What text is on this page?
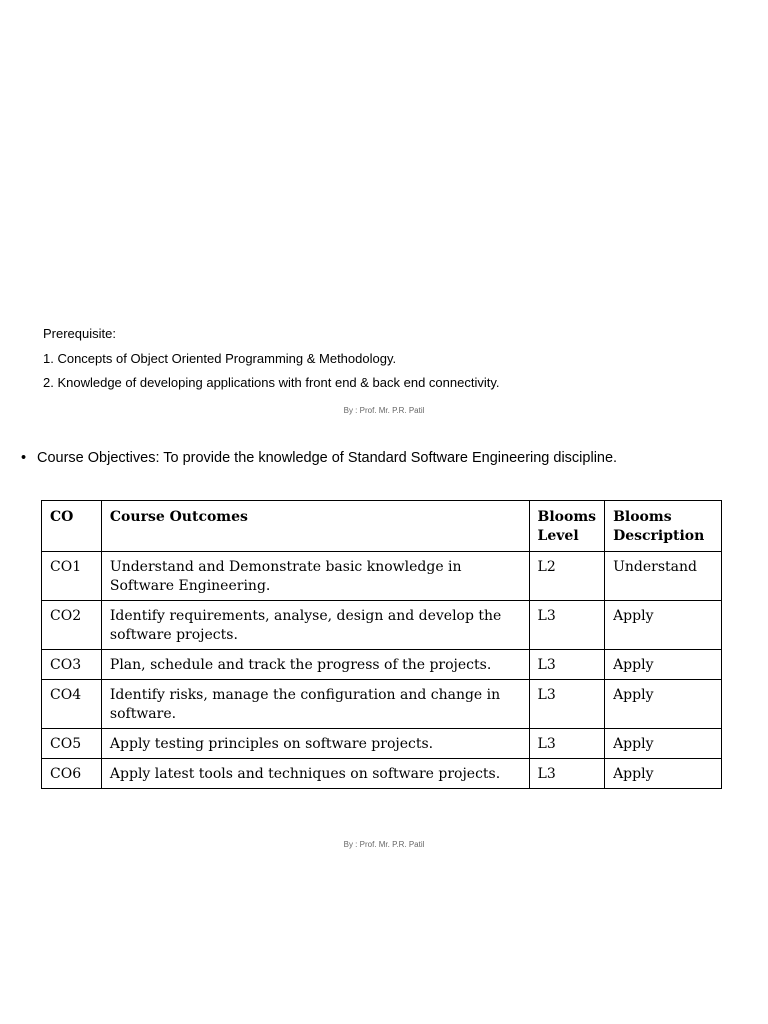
Prerequisite:
1. Concepts of Object Oriented Programming & Methodology.
2. Knowledge of developing applications with front end & back end connectivity.
By : Prof. Mr. P.R. Patil
• Course Objectives: To provide the knowledge of Standard Software Engineering discipline.
CO	Course Outcomes	Blooms Level	Blooms Description
CO1	Understand and Demonstrate basic knowledge in Software Engineering.	L2	Understand
CO2	Identify requirements, analyse, design and develop the software projects.	L3	Apply
CO3	Plan, schedule and track the progress of the projects.	L3	Apply
CO4	Identify risks, manage the configuration and change in software.	L3	Apply
CO5	Apply testing principles on software projects.	L3	Apply
CO6	Apply latest tools and techniques on software projects.	L3	Apply
By : Prof. Mr. P.R. Patil
